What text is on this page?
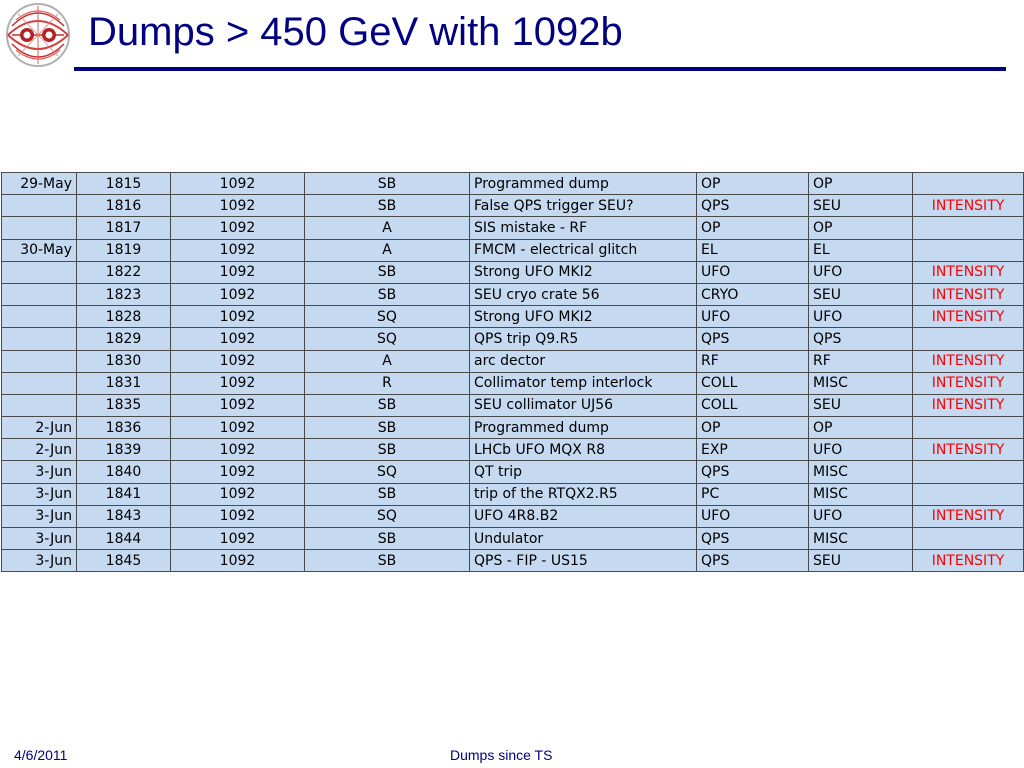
Dumps > 450 GeV with 1092b
29-May	1815	1092	SB	Programmed dump	OP	OP	
	1816	1092	SB	False QPS trigger SEU?	QPS	SEU	INTENSITY
	1817	1092	A	SIS mistake - RF	OP	OP	
30-May	1819	1092	A	FMCM - electrical glitch	EL	EL	
	1822	1092	SB	Strong UFO MKI2	UFO	UFO	INTENSITY
	1823	1092	SB	SEU cryo crate 56	CRYO	SEU	INTENSITY
	1828	1092	SQ	Strong UFO MKI2	UFO	UFO	INTENSITY
	1829	1092	SQ	QPS trip Q9.R5	QPS	QPS	
	1830	1092	A	arc dector	RF	RF	INTENSITY
	1831	1092	R	Collimator temp interlock	COLL	MISC	INTENSITY
	1835	1092	SB	SEU collimator UJ56	COLL	SEU	INTENSITY
2-Jun	1836	1092	SB	Programmed dump	OP	OP	
2-Jun	1839	1092	SB	LHCb UFO MQX R8	EXP	UFO	INTENSITY
3-Jun	1840	1092	SQ	QT trip	QPS	MISC	
3-Jun	1841	1092	SB	trip of the RTQX2.R5	PC	MISC	
3-Jun	1843	1092	SQ	UFO 4R8.B2	UFO	UFO	INTENSITY
3-Jun	1844	1092	SB	Undulator	QPS	MISC	
3-Jun	1845	1092	SB	QPS - FIP - US15	QPS	SEU	INTENSITY
4/6/2011	Dumps since TS
